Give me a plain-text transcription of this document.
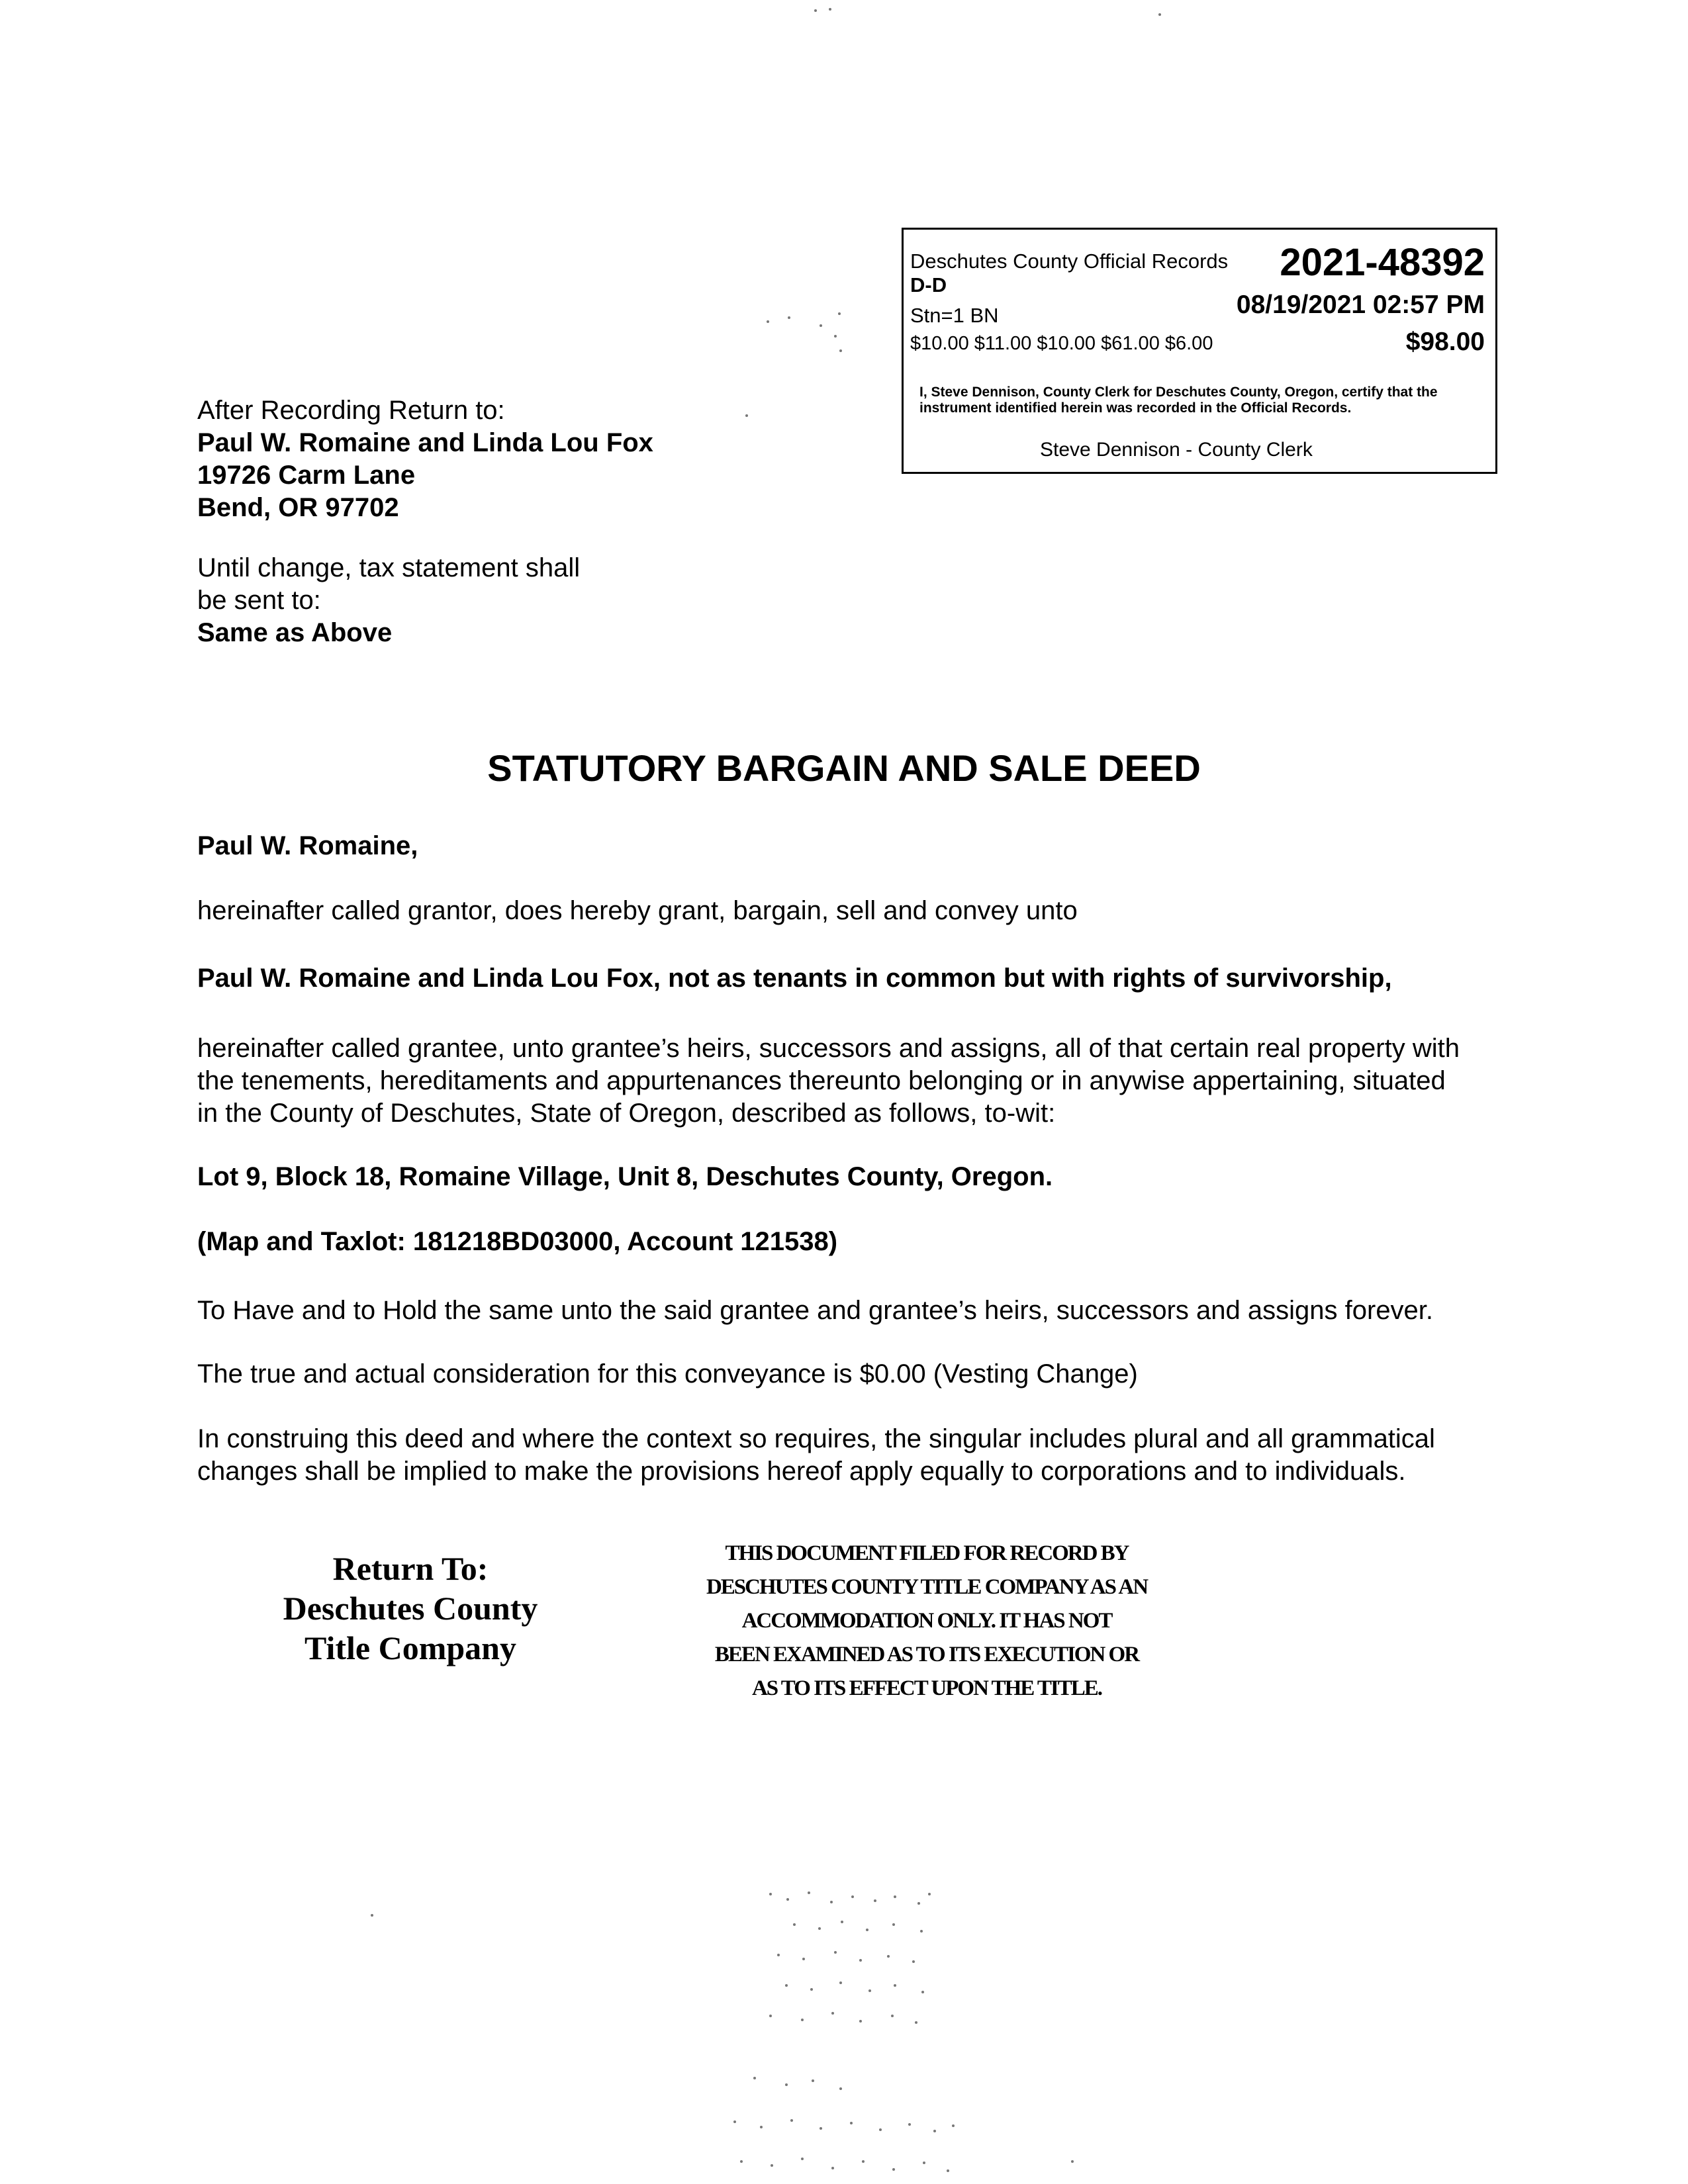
Deschutes County Official Records 2021-48392
D-D
Stn=1 BN	08/19/2021 02:57 PM
$10.00 $11.00 $10.00 $61.00 $6.00	$98.00
I, Steve Dennison, County Clerk for Deschutes County, Oregon, certify that the instrument identified herein was recorded in the Official Records.
Steve Dennison - County Clerk
After Recording Return to:
Paul W. Romaine and Linda Lou Fox
19726 Carm Lane
Bend, OR 97702
Until change, tax statement shall
be sent to:
Same as Above
STATUTORY BARGAIN AND SALE DEED
Paul W. Romaine,
hereinafter called grantor, does hereby grant, bargain, sell and convey unto
Paul W. Romaine and Linda Lou Fox, not as tenants in common but with rights of survivorship,
hereinafter called grantee, unto grantee’s heirs, successors and assigns, all of that certain real property with
the tenements, hereditaments and appurtenances thereunto belonging or in anywise appertaining, situated
in the County of Deschutes, State of Oregon, described as follows, to-wit:
Lot 9, Block 18, Romaine Village, Unit 8, Deschutes County, Oregon.
(Map and Taxlot: 181218BD03000, Account 121538)
To Have and to Hold the same unto the said grantee and grantee’s heirs, successors and assigns forever.
The true and actual consideration for this conveyance is $0.00 (Vesting Change)
In construing this deed and where the context so requires, the singular includes plural and all grammatical
changes shall be implied to make the provisions hereof apply equally to corporations and to individuals.
Return To:
Deschutes County
Title Company
THIS DOCUMENT FILED FOR RECORD BY
DESCHUTES COUNTY TITLE COMPANY AS AN
ACCOMMODATION ONLY. IT HAS NOT
BEEN EXAMINED AS TO ITS EXECUTION OR
AS TO ITS EFFECT UPON THE TITLE.
